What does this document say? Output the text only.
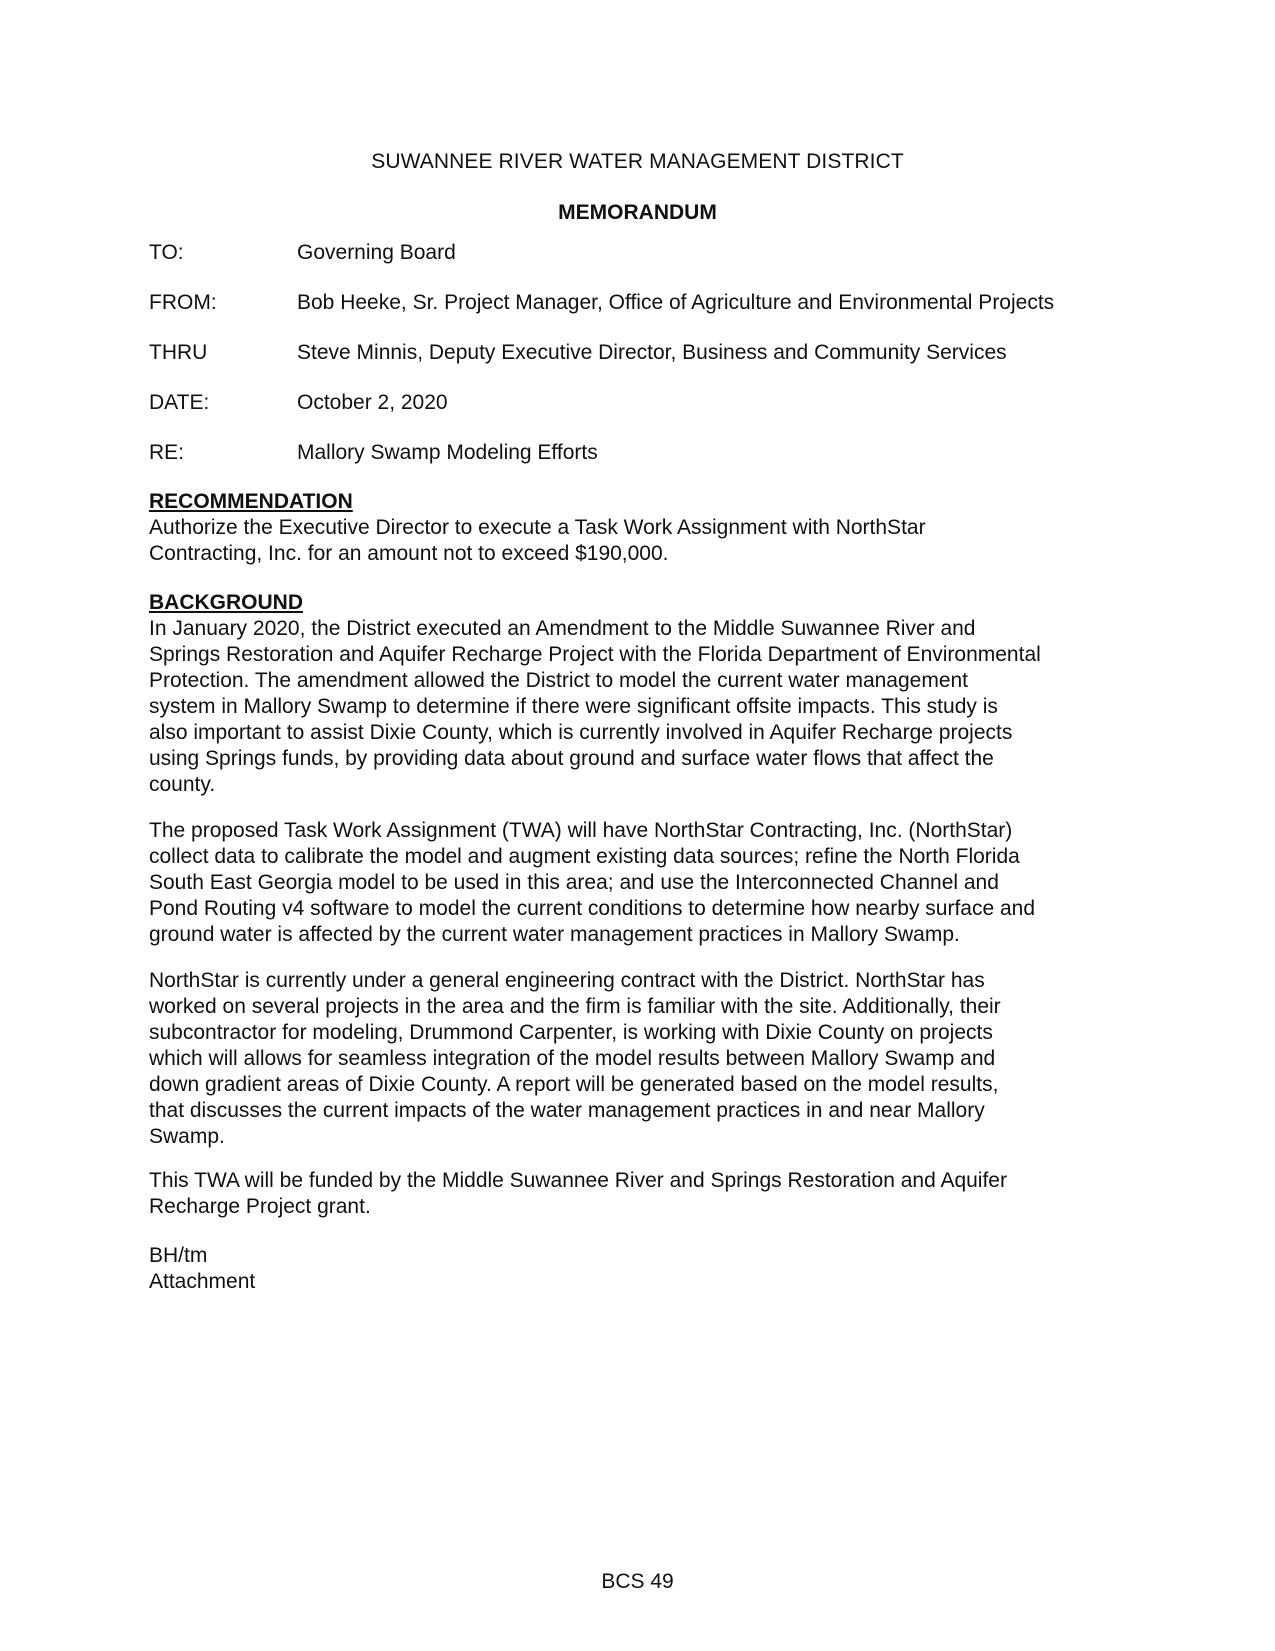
SUWANNEE RIVER WATER MANAGEMENT DISTRICT
MEMORANDUM
TO:	Governing Board
FROM:	Bob Heeke, Sr. Project Manager, Office of Agriculture and Environmental Projects
THRU	Steve Minnis, Deputy Executive Director, Business and Community Services
DATE:	October 2, 2020
RE:	Mallory Swamp Modeling Efforts
RECOMMENDATION

Authorize the Executive Director to execute a Task Work Assignment with NorthStar
Contracting, Inc. for an amount not to exceed $190,000.

BACKGROUND

In January 2020, the District executed an Amendment to the Middle Suwannee River and
Springs Restoration and Aquifer Recharge Project with the Florida Department of Environmental
Protection. The amendment allowed the District to model the current water management
system in Mallory Swamp to determine if there were significant offsite impacts. This study is
also important to assist Dixie County, which is currently involved in Aquifer Recharge projects
using Springs funds, by providing data about ground and surface water flows that affect the
county.

The proposed Task Work Assignment (TWA) will have NorthStar Contracting, Inc. (NorthStar)
collect data to calibrate the model and augment existing data sources; refine the North Florida
South East Georgia model to be used in this area; and use the Interconnected Channel and
Pond Routing v4 software to model the current conditions to determine how nearby surface and
ground water is affected by the current water management practices in Mallory Swamp.

NorthStar is currently under a general engineering contract with the District. NorthStar has
worked on several projects in the area and the firm is familiar with the site. Additionally, their
subcontractor for modeling, Drummond Carpenter, is working with Dixie County on projects
which will allows for seamless integration of the model results between Mallory Swamp and
down gradient areas of Dixie County. A report will be generated based on the model results,
that discusses the current impacts of the water management practices in and near Mallory
Swamp.

This TWA will be funded by the Middle Suwannee River and Springs Restoration and Aquifer
Recharge Project grant.

BH/tm
Attachment
BCS 49
